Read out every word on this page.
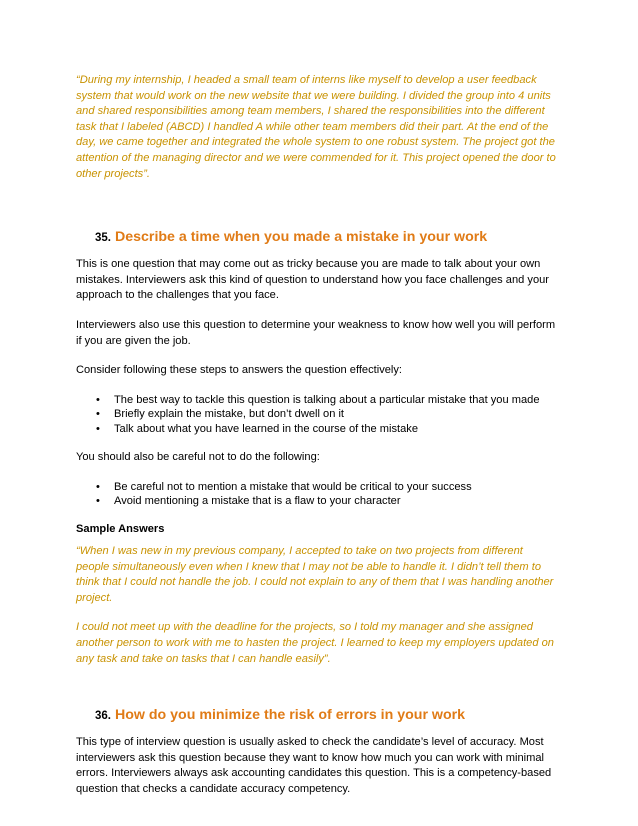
“During my internship, I headed a small team of interns like myself to develop a user feedback system that would work on the new website that we were building. I divided the group into 4 units and shared responsibilities among team members, I shared the responsibilities into the different task that I labeled (ABCD) I handled A while other team members did their part. At the end of the day, we came together and integrated the whole system to one robust system. The project got the attention of the managing director and we were commended for it. This project opened the door to other projects”.

35. Describe a time when you made a mistake in your work

This is one question that may come out as tricky because you are made to talk about your own mistakes. Interviewers ask this kind of question to understand how you face challenges and your approach to the challenges that you face.

Interviewers also use this question to determine your weakness to know how well you will perform if you are given the job.

Consider following these steps to answers the question effectively:

• The best way to tackle this question is talking about a particular mistake that you made
• Briefly explain the mistake, but don’t dwell on it
• Talk about what you have learned in the course of the mistake

You should also be careful not to do the following:

• Be careful not to mention a mistake that would be critical to your success
• Avoid mentioning a mistake that is a flaw to your character

Sample Answers

“When I was new in my previous company, I accepted to take on two projects from different people simultaneously even when I knew that I may not be able to handle it. I didn’t tell them to think that I could not handle the job. I could not explain to any of them that I was handling another project.

I could not meet up with the deadline for the projects, so I told my manager and she assigned another person to work with me to hasten the project. I learned to keep my employers updated on any task and take on tasks that I can handle easily”.

36. How do you minimize the risk of errors in your work

This type of interview question is usually asked to check the candidate’s level of accuracy. Most interviewers ask this question because they want to know how much you can work with minimal errors. Interviewers always ask accounting candidates this question. This is a competency-based question that checks a candidate accuracy competency.
